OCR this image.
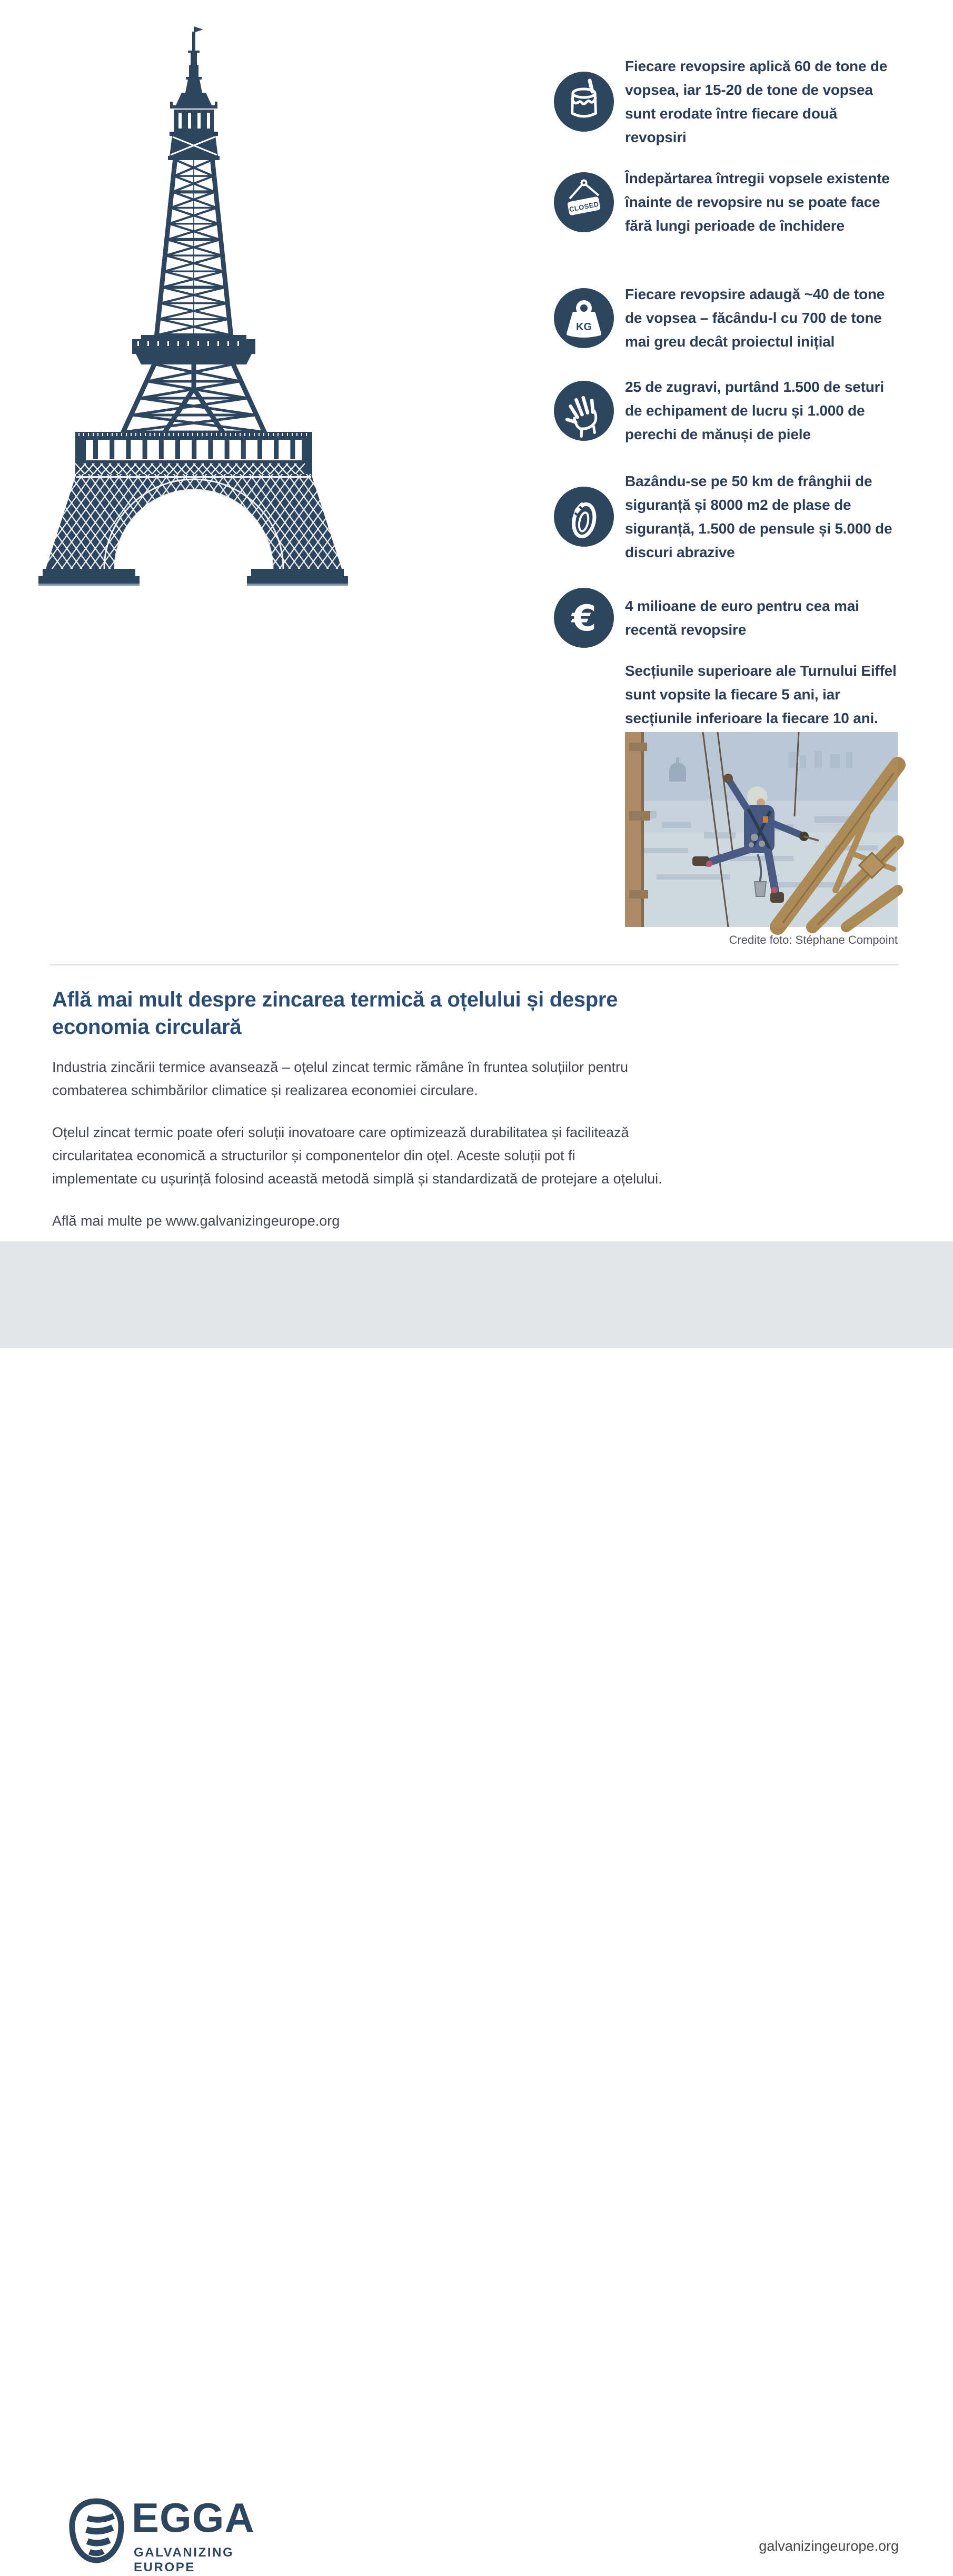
Fiecare revopsire aplică 60 de tone de vopsea, iar 15-20 de tone de vopsea sunt erodate între fiecare două revopsiri

CLOSED

Îndepărtarea întregii vopsele existente înainte de revopsire nu se poate face fără lungi perioade de închidere

KG

Fiecare revopsire adaugă ~40 de tone de vopsea – făcându-l cu 700 de tone mai greu decât proiectul inițial

25 de zugravi, purtând 1.500 de seturi de echipament de lucru și 1.000 de perechi de mănuși de piele

Bazându-se pe 50 km de frânghii de siguranță și 8000 m2 de plase de siguranță, 1.500 de pensule și 5.000 de discuri abrazive

€ 4 milioane de euro pentru cea mai recentă revopsire

Secțiunile superioare ale Turnului Eiffel sunt vopsite la fiecare 5 ani, iar secțiunile inferioare la fiecare 10 ani.

Credite foto: Stéphane Compoint

Află mai mult despre zincarea termică a oțelului și despre economia circulară

Industria zincării termice avansează – oțelul zincat termic rămâne în fruntea soluțiilor pentru combaterea schimbărilor climatice și realizarea economiei circulare.

Oțelul zincat termic poate oferi soluții inovatoare care optimizează durabilitatea și facilitează circularitatea economică a structurilor și componentelor din oțel. Aceste soluții pot fi implementate cu ușurință folosind această metodă simplă și standardizată de protejare a oțelului.

Află mai multe pe www.galvanizingeurope.org

EGGA
GALVANIZING EUROPE

galvanizingeurope.org
